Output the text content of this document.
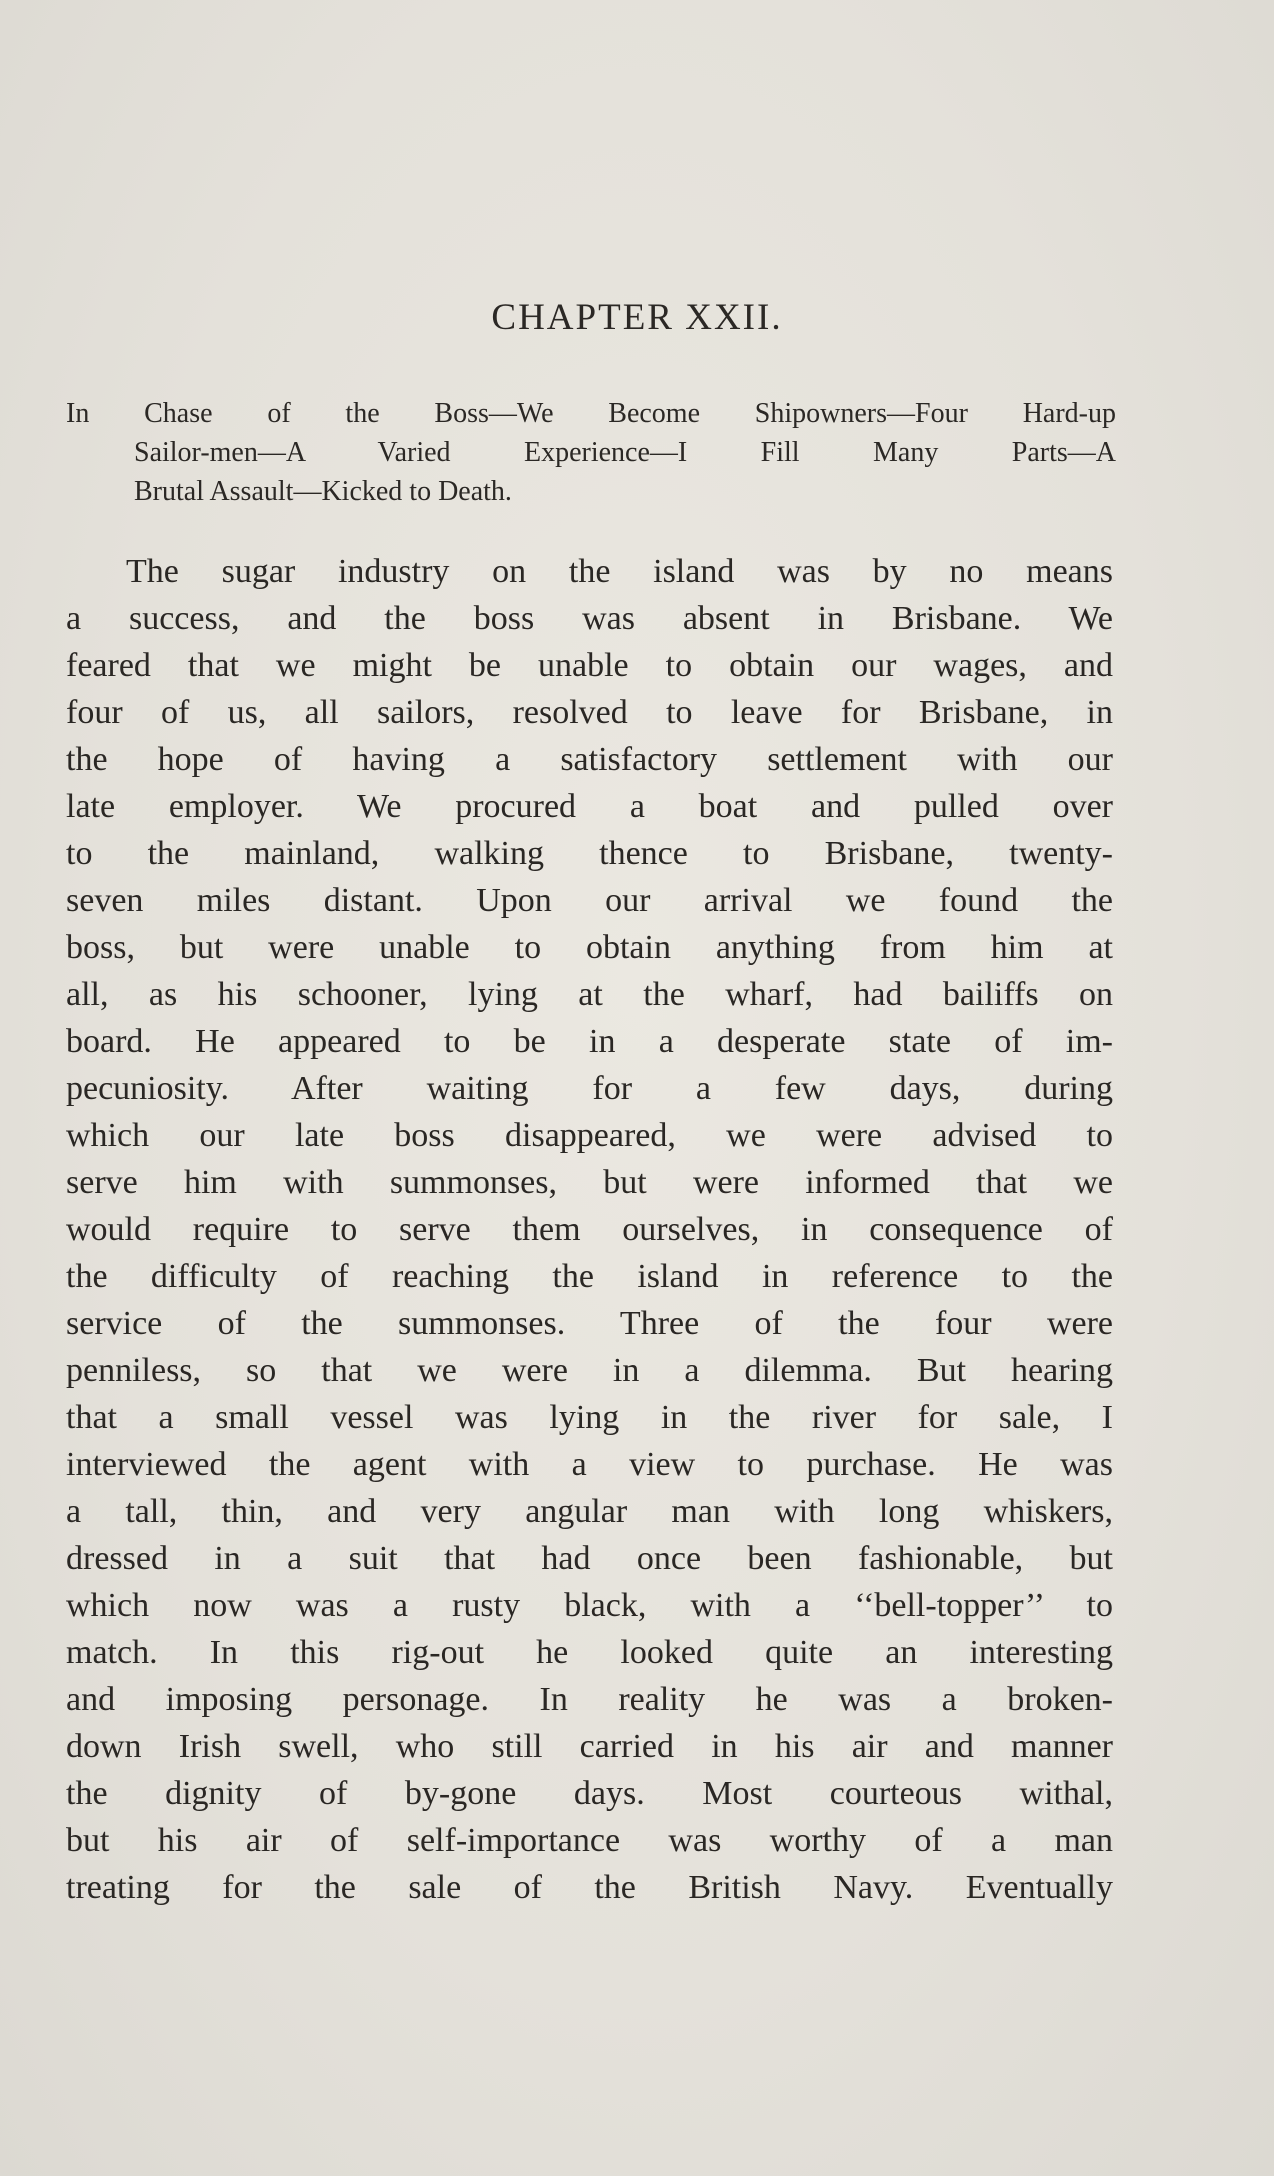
CHAPTER XXII.
In Chase of the Boss—We Become Shipowners—Four Hard-up
Sailor-men—A Varied Experience—I Fill Many Parts—A
Brutal Assault—Kicked to Death.
The sugar industry on the island was by no means
a success, and the boss was absent in Brisbane. We
feared that we might be unable to obtain our wages, and
four of us, all sailors, resolved to leave for Brisbane, in
the hope of having a satisfactory settlement with our
late employer. We procured a boat and pulled over
to the mainland, walking thence to Brisbane, twenty-
seven miles distant. Upon our arrival we found the
boss, but were unable to obtain anything from him at
all, as his schooner, lying at the wharf, had bailiffs on
board. He appeared to be in a desperate state of im-
pecuniosity. After waiting for a few days, during
which our late boss disappeared, we were advised to
serve him with summonses, but were informed that we
would require to serve them ourselves, in consequence of
the difficulty of reaching the island in reference to the
service of the summonses. Three of the four were
penniless, so that we were in a dilemma. But hearing
that a small vessel was lying in the river for sale, I
interviewed the agent with a view to purchase. He was
a tall, thin, and very angular man with long whiskers,
dressed in a suit that had once been fashionable, but
which now was a rusty black, with a ‘‘bell-topper’’ to
match. In this rig-out he looked quite an interesting
and imposing personage. In reality he was a broken-
down Irish swell, who still carried in his air and manner
the dignity of by-gone days. Most courteous withal,
but his air of self-importance was worthy of a man
treating for the sale of the British Navy. Eventually
